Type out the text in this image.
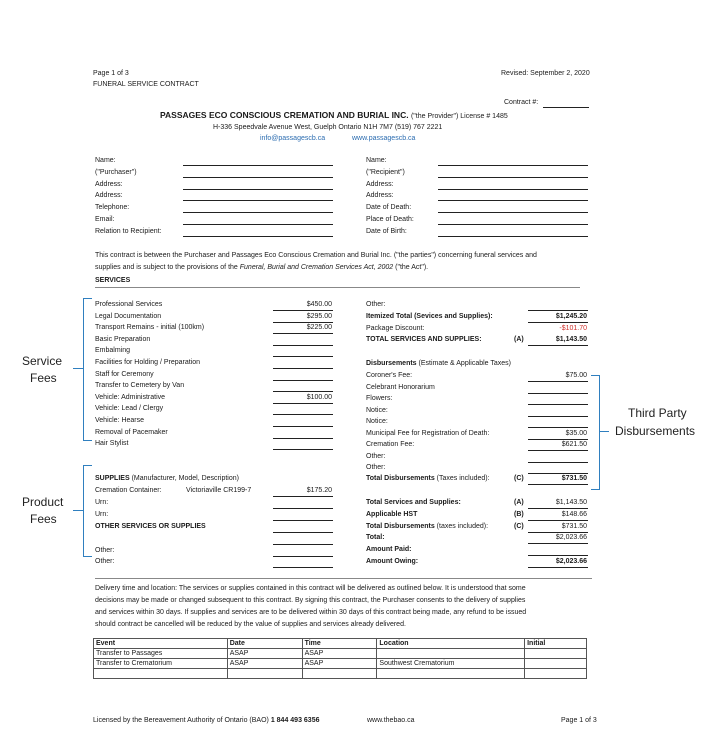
Page 1 of 3
FUNERAL SERVICE CONTRACT
Revised: September 2, 2020
Contract #:
PASSAGES ECO CONSCIOUS CREMATION AND BURIAL INC. ("the Provider") License # 1485
H-336 Speedvale Avenue West, Guelph Ontario N1H 7M7 (519) 767 2221
info@passagescb.ca	www.passagescb.ca
Name:
("Purchaser")
Address:
Address:
Telephone:
Email:
Relation to Recipient:
Name:
("Recipient")
Address:
Address:
Date of Death:
Place of Death:
Date of Birth:
This contract is between the Purchaser and Passages Eco Conscious Cremation and Burial Inc. ("the parties") concerning funeral services and
supplies and is subject to the provisions of the Funeral, Burial and Cremation Services Act, 2002 ("the Act").
SERVICES
Professional Services	$450.00
Legal Documentation	$295.00
Transport Remains - initial (100km)	$225.00
Basic Preparation
Embalming
Facilities for Holding / Preparation
Staff for Ceremony
Transfer to Cemetery by Van
Vehicle: Administrative	$100.00
Vehicle: Lead / Clergy
Vehicle: Hearse
Removal of Pacemaker
Hair Stylist
SUPPLIES (Manufacturer, Model, Description)
Cremation Container:	Victoriaville CR199-7	$175.20
Urn:
Urn:
OTHER SERVICES OR SUPPLIES
Other:
Other:
Other:
Itemized Total (Sevices and Supplies):	$1,245.20
Package Discount:	-$101.70
TOTAL SERVICES AND SUPPLIES:	(A)	$1,143.50
Disbursements (Estimate & Applicable Taxes)
Coroner's Fee:	$75.00
Celebrant Honorarium
Flowers:
Notice:
Notice:
Municipal Fee for Registration of Death:	$35.00
Cremation Fee:	$621.50
Other:
Other:
Total Disbursements (Taxes included):	(C)	$731.50
Total Services and Supplies:	(A)	$1,143.50
Applicable HST	(B)	$148.66
Total Disbursements (taxes included):	(C)	$731.50
Total:	$2,023.66
Amount Paid:
Amount Owing:	$2,023.66
Service
Fees
Product
Fees
Third Party
Disbursements
Delivery time and location: The services or supplies contained in this contract will be delivered as outlined below. It is understood that some
decisions may be made or changed subsequent to this contract. By signing this contract, the Purchaser consents to the delivery of supplies
and services within 30 days. If supplies and services are to be delivered within 30 days of this contract being made, any refund to be issued
should contract be cancelled will be reduced by the value of supplies and services already delivered.
Event	Date	Time	Location	Initial
Transfer to Passages	ASAP	ASAP		
Transfer to Crematorium	ASAP	ASAP	Southwest Crematorium	

Licensed by the Bereavement Authority of Ontario (BAO) 1 844 493 6356	www.thebao.ca	Page 1 of 3
